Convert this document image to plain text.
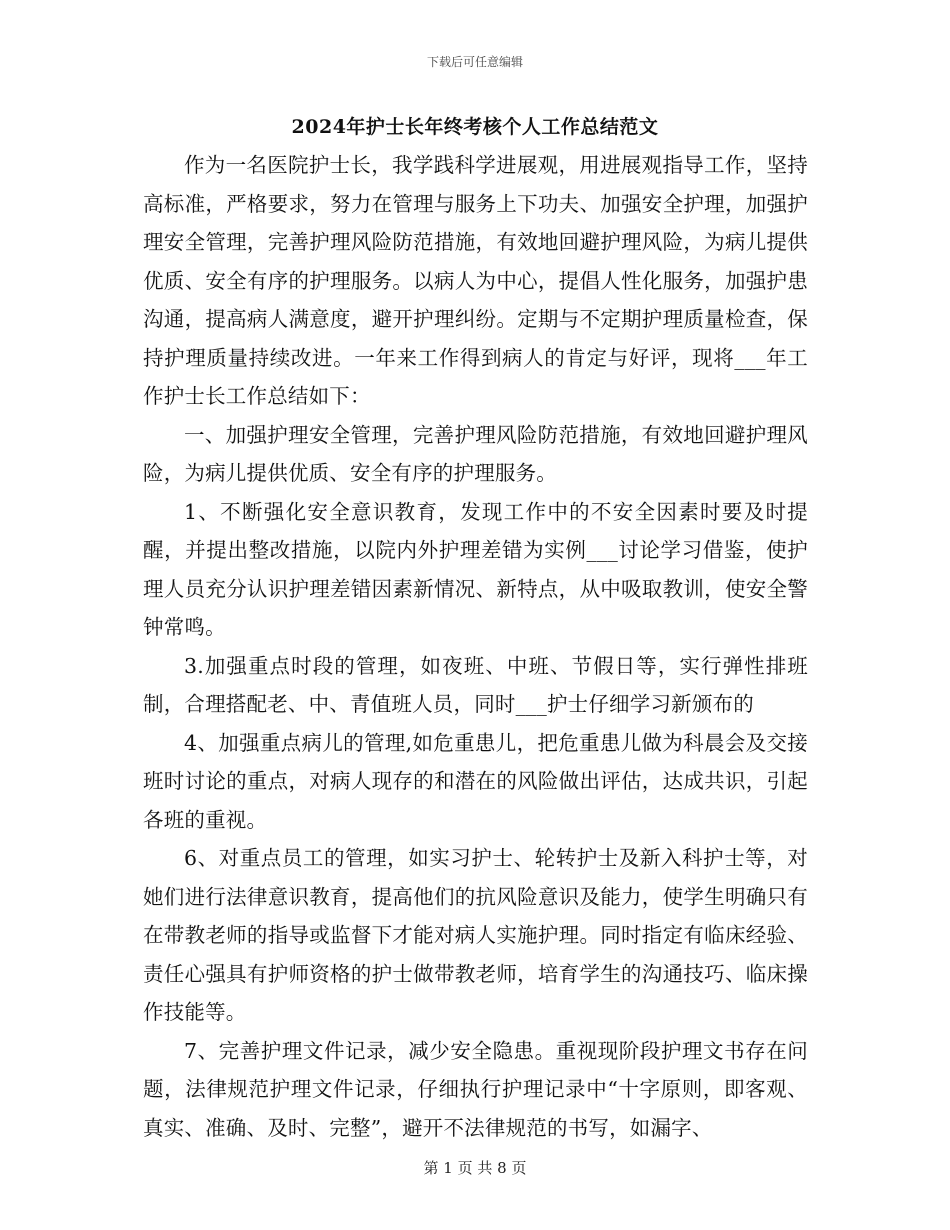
下载后可任意编辑
2024年护士长年终考核个人工作总结范文

作为一名医院护士长，我学践科学进展观，用进展观指导工作，坚持高标准，严格要求，努力在管理与服务上下功夫、加强安全护理，加强护理安全管理，完善护理风险防范措施，有效地回避护理风险，为病儿提供优质、安全有序的护理服务。以病人为中心，提倡人性化服务，加强护患沟通，提高病人满意度，避开护理纠纷。定期与不定期护理质量检查，保持护理质量持续改进。一年来工作得到病人的肯定与好评，现将___年工作护士长工作总结如下：

一、加强护理安全管理，完善护理风险防范措施，有效地回避护理风险，为病儿提供优质、安全有序的护理服务。

1、不断强化安全意识教育，发现工作中的不安全因素时要及时提醒，并提出整改措施，以院内外护理差错为实例___讨论学习借鉴，使护理人员充分认识护理差错因素新情况、新特点，从中吸取教训，使安全警钟常鸣。

3.加强重点时段的管理，如夜班、中班、节假日等，实行弹性排班制，合理搭配老、中、青值班人员，同时___护士仔细学习新颁布的

4、加强重点病儿的管理,如危重患儿，把危重患儿做为科晨会及交接班时讨论的重点，对病人现存的和潜在的风险做出评估，达成共识，引起各班的重视。

6、对重点员工的管理，如实习护士、轮转护士及新入科护士等，对她们进行法律意识教育，提高他们的抗风险意识及能力，使学生明确只有在带教老师的指导或监督下才能对病人实施护理。同时指定有临床经验、责任心强具有护师资格的护士做带教老师，培育学生的沟通技巧、临床操作技能等。

7、完善护理文件记录，减少安全隐患。重视现阶段护理文书存在问题，法律规范护理文件记录，仔细执行护理记录中“十字原则，即客观、真实、准确、及时、完整”，避开不法律规范的书写，如漏字、

第 1 页 共 8 页
